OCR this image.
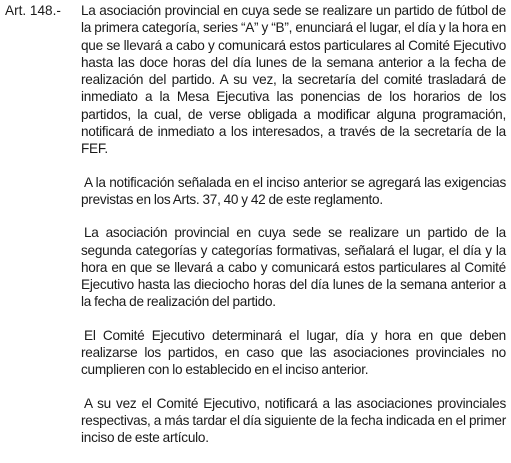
Art. 148.- La asociación provincial en cuya sede se realizare un partido de fútbol de la primera categoría, series “A” y “B”, enunciará el lugar, el día y la hora en que se llevará a cabo y comunicará estos particulares al Comité Ejecutivo hasta las doce horas del día lunes de la semana anterior a la fecha de realización del partido. A su vez, la secretaría del comité trasladará de inmediato a la Mesa Ejecutiva las ponencias de los horarios de los partidos, la cual, de verse obligada a modificar alguna programación, notificará de inmediato a los interesados, a través de la secretaría de la FEF.

A la notificación señalada en el inciso anterior se agregará las exigencias previstas en los Arts. 37, 40 y 42 de este reglamento.

La asociación provincial en cuya sede se realizare un partido de la segunda categorías y categorías formativas, señalará el lugar, el día y la hora en que se llevará a cabo y comunicará estos particulares al Comité Ejecutivo hasta las dieciocho horas del día lunes de la semana anterior a la fecha de realización del partido.

El Comité Ejecutivo determinará el lugar, día y hora en que deben realizarse los partidos, en caso que las asociaciones provinciales no cumplieren con lo establecido en el inciso anterior.

A su vez el Comité Ejecutivo, notificará a las asociaciones provinciales respectivas, a más tardar el día siguiente de la fecha indicada en el primer inciso de este artículo.
